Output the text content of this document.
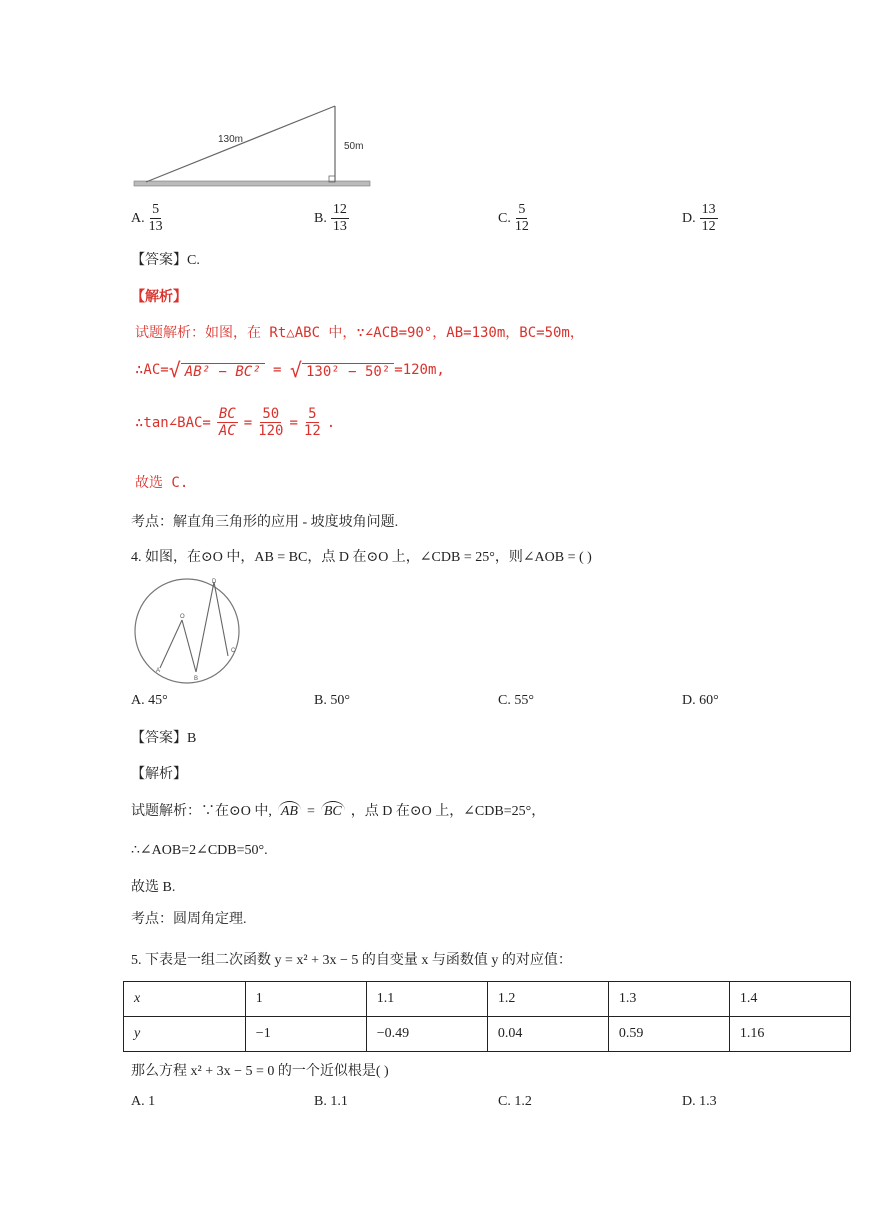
130m
50m
A. $\frac{5}{13}$	B. $\frac{12}{13}$	C. $\frac{5}{12}$	D. $\frac{13}{12}$
【答案】C.
【解析】
试题解析：如图，在 Rt△ABC 中，∵∠ACB=90°，AB=130m，BC=50m，
∴AC= √ AB² − BC² = √ 130² − 50² =120m,
∴tan∠BAC= $\frac{BC}{AC} = \frac{50}{120} = \frac{5}{12}$ .
故选 C.
考点：解直角三角形的应用 - 坡度坡角问题.
4. 如图，在⊙O 中，AB = BC，点 D 在⊙O 上，∠CDB = 25°，则∠AOB = ( )
O
A
B
C
D
A. 45°	B. 50°	C. 55°	D. 60°
【答案】B
【解析】
试题解析：∵在⊙O 中, AB = BC ，点 D 在⊙O 上，∠CDB=25°，
∴∠AOB=2∠CDB=50°.
故选 B.
考点：圆周角定理.
5. 下表是一组二次函数 y = x² + 3x − 5 的自变量 x 与函数值 y 的对应值：
x	1	1.1	1.2	1.3	1.4
y	−1	−0.49	0.04	0.59	1.16
那么方程 x² + 3x − 5 = 0 的一个近似根是( )
A. 1	B. 1.1	C. 1.2	D. 1.3
